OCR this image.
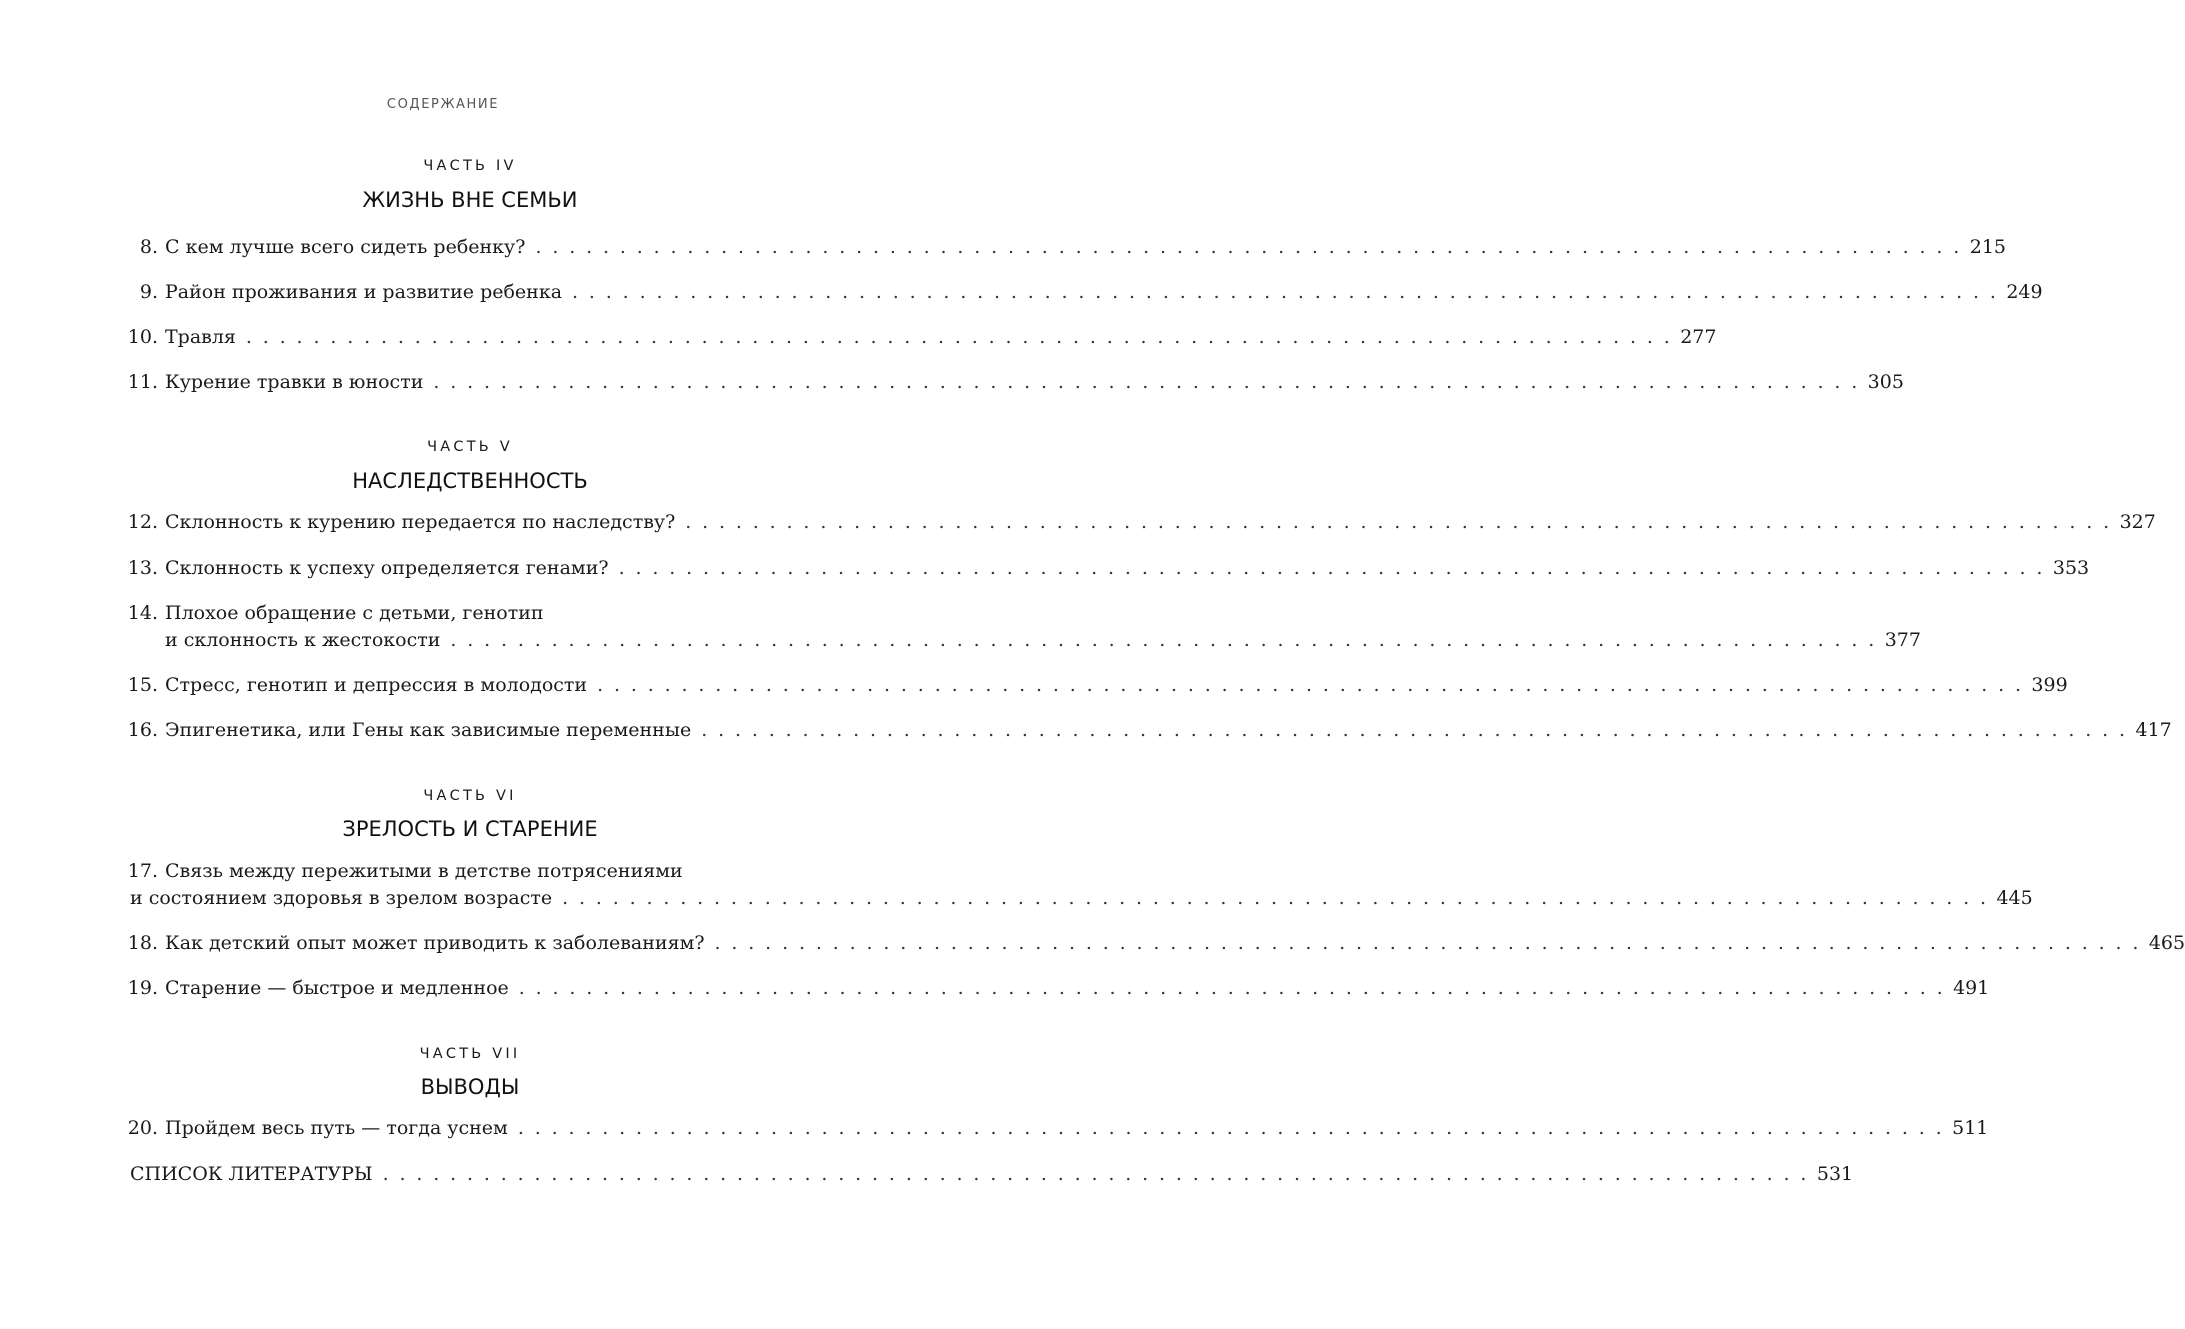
СОДЕРЖАНИЕ
ЧАСТЬ IV
ЖИЗНЬ ВНЕ СЕМЬИ
8. С кем лучше всего сидеть ребенку? . . . . . . . . . . . . . . . . . . . . . . . . . . . . . . . . . . . . . . . . . . . . . . . . . . . . . . . . . . . . . . . . . . . . . . . . . . . . . . . . . . . . . 215
9. Район проживания и развитие ребенка . . . . . . . . . . . . . . . . . . . . . . . . . . . . . . . . . . . . . . . . . . . . . . . . . . . . . . . . . . . . . . . . . . . . . . . . . . . . . . . . . . . . . 249
10. Травля . . . . . . . . . . . . . . . . . . . . . . . . . . . . . . . . . . . . . . . . . . . . . . . . . . . . . . . . . . . . . . . . . . . . . . . . . . . . . . . . . . . . . 277
11. Курение травки в юности . . . . . . . . . . . . . . . . . . . . . . . . . . . . . . . . . . . . . . . . . . . . . . . . . . . . . . . . . . . . . . . . . . . . . . . . . . . . . . . . . . . . . 305
ЧАСТЬ V
НАСЛЕДСТВЕННОСТЬ
12. Склонность к курению передается по наследству? . . . . . . . . . . . . . . . . . . . . . . . . . . . . . . . . . . . . . . . . . . . . . . . . . . . . . . . . . . . . . . . . . . . . . . . . . . . . . . . . . . . . . 327
13. Склонность к успеху определяется генами? . . . . . . . . . . . . . . . . . . . . . . . . . . . . . . . . . . . . . . . . . . . . . . . . . . . . . . . . . . . . . . . . . . . . . . . . . . . . . . . . . . . . . 353
14. Плохое обращение с детьми, генотип
и склонность к жестокости . . . . . . . . . . . . . . . . . . . . . . . . . . . . . . . . . . . . . . . . . . . . . . . . . . . . . . . . . . . . . . . . . . . . . . . . . . . . . . . . . . . . . 377
15. Стресс, генотип и депрессия в молодости . . . . . . . . . . . . . . . . . . . . . . . . . . . . . . . . . . . . . . . . . . . . . . . . . . . . . . . . . . . . . . . . . . . . . . . . . . . . . . . . . . . . . 399
16. Эпигенетика, или Гены как зависимые переменные . . . . . . . . . . . . . . . . . . . . . . . . . . . . . . . . . . . . . . . . . . . . . . . . . . . . . . . . . . . . . . . . . . . . . . . . . . . . . . . . . . . . . 417
ЧАСТЬ VI
ЗРЕЛОСТЬ И СТАРЕНИЕ
17. Связь между пережитыми в детстве потрясениями
и состоянием здоровья в зрелом возрасте . . . . . . . . . . . . . . . . . . . . . . . . . . . . . . . . . . . . . . . . . . . . . . . . . . . . . . . . . . . . . . . . . . . . . . . . . . . . . . . . . . . . . 445
18. Как детский опыт может приводить к заболеваниям? . . . . . . . . . . . . . . . . . . . . . . . . . . . . . . . . . . . . . . . . . . . . . . . . . . . . . . . . . . . . . . . . . . . . . . . . . . . . . . . . . . . . . 465
19. Старение — быстрое и медленное . . . . . . . . . . . . . . . . . . . . . . . . . . . . . . . . . . . . . . . . . . . . . . . . . . . . . . . . . . . . . . . . . . . . . . . . . . . . . . . . . . . . . 491
ЧАСТЬ VII
ВЫВОДЫ
20. Пройдем весь путь — тогда уснем . . . . . . . . . . . . . . . . . . . . . . . . . . . . . . . . . . . . . . . . . . . . . . . . . . . . . . . . . . . . . . . . . . . . . . . . . . . . . . . . . . . . . 511
СПИСОК ЛИТЕРАТУРЫ . . . . . . . . . . . . . . . . . . . . . . . . . . . . . . . . . . . . . . . . . . . . . . . . . . . . . . . . . . . . . . . . . . . . . . . . . . . . . . . . . . . . . 531
